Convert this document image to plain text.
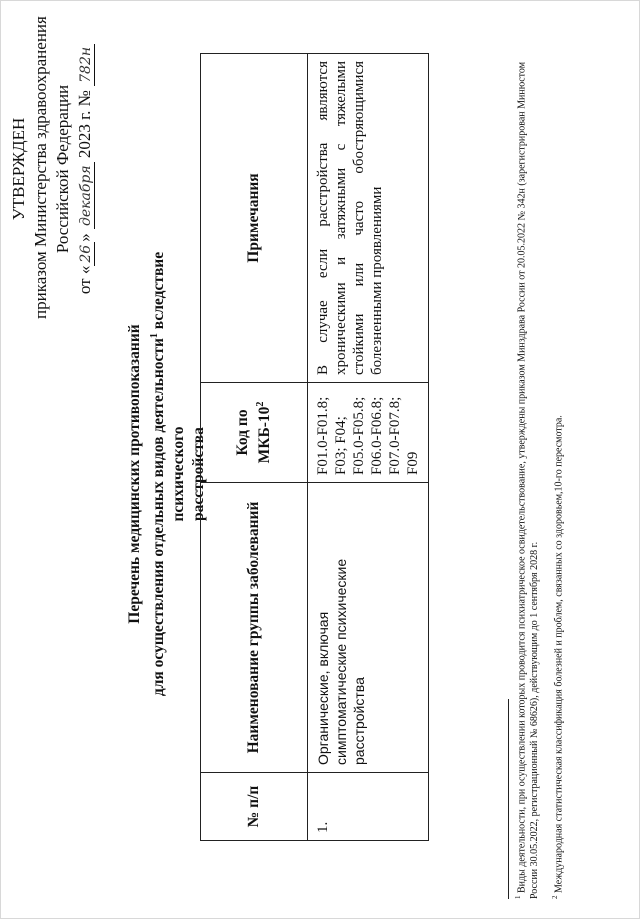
УТВЕРЖДЕН приказом Министерства здравоохранения Российской Федерации
от «26» декабря 2023 г. № 782н
Перечень медицинских противопоказаний для осуществления отдельных видов деятельности$^1$ вследствие психического расстройства
№ п/п	Наименование группы заболеваний	Код по МКБ-$10^2$	Примечания
1.	Органические, включая симптоматические психические расстройства	F01.0-F01.8; F03; F04; F05.0-F05.8; F06.0-F06.8; F07.0-F07.8; F09	В случае если расстройства являются хроническими и затяжными с тяжелыми стойкими или часто обостряющимися болезненными проявлениями
$^1$ Виды деятельности, при осуществлении которых проводится психиатрическое освидетельствование, утверждены приказом Минздрава России от 20.05.2022 № 342н (зарегистрирован Минюстом России 30.05.2022, регистрационный № 68626), действующим до 1 сентября 2028 г. $^2$ Международная статистическая классификация болезней и проблем, связанных со здоровьем,10-го пересмотра.
